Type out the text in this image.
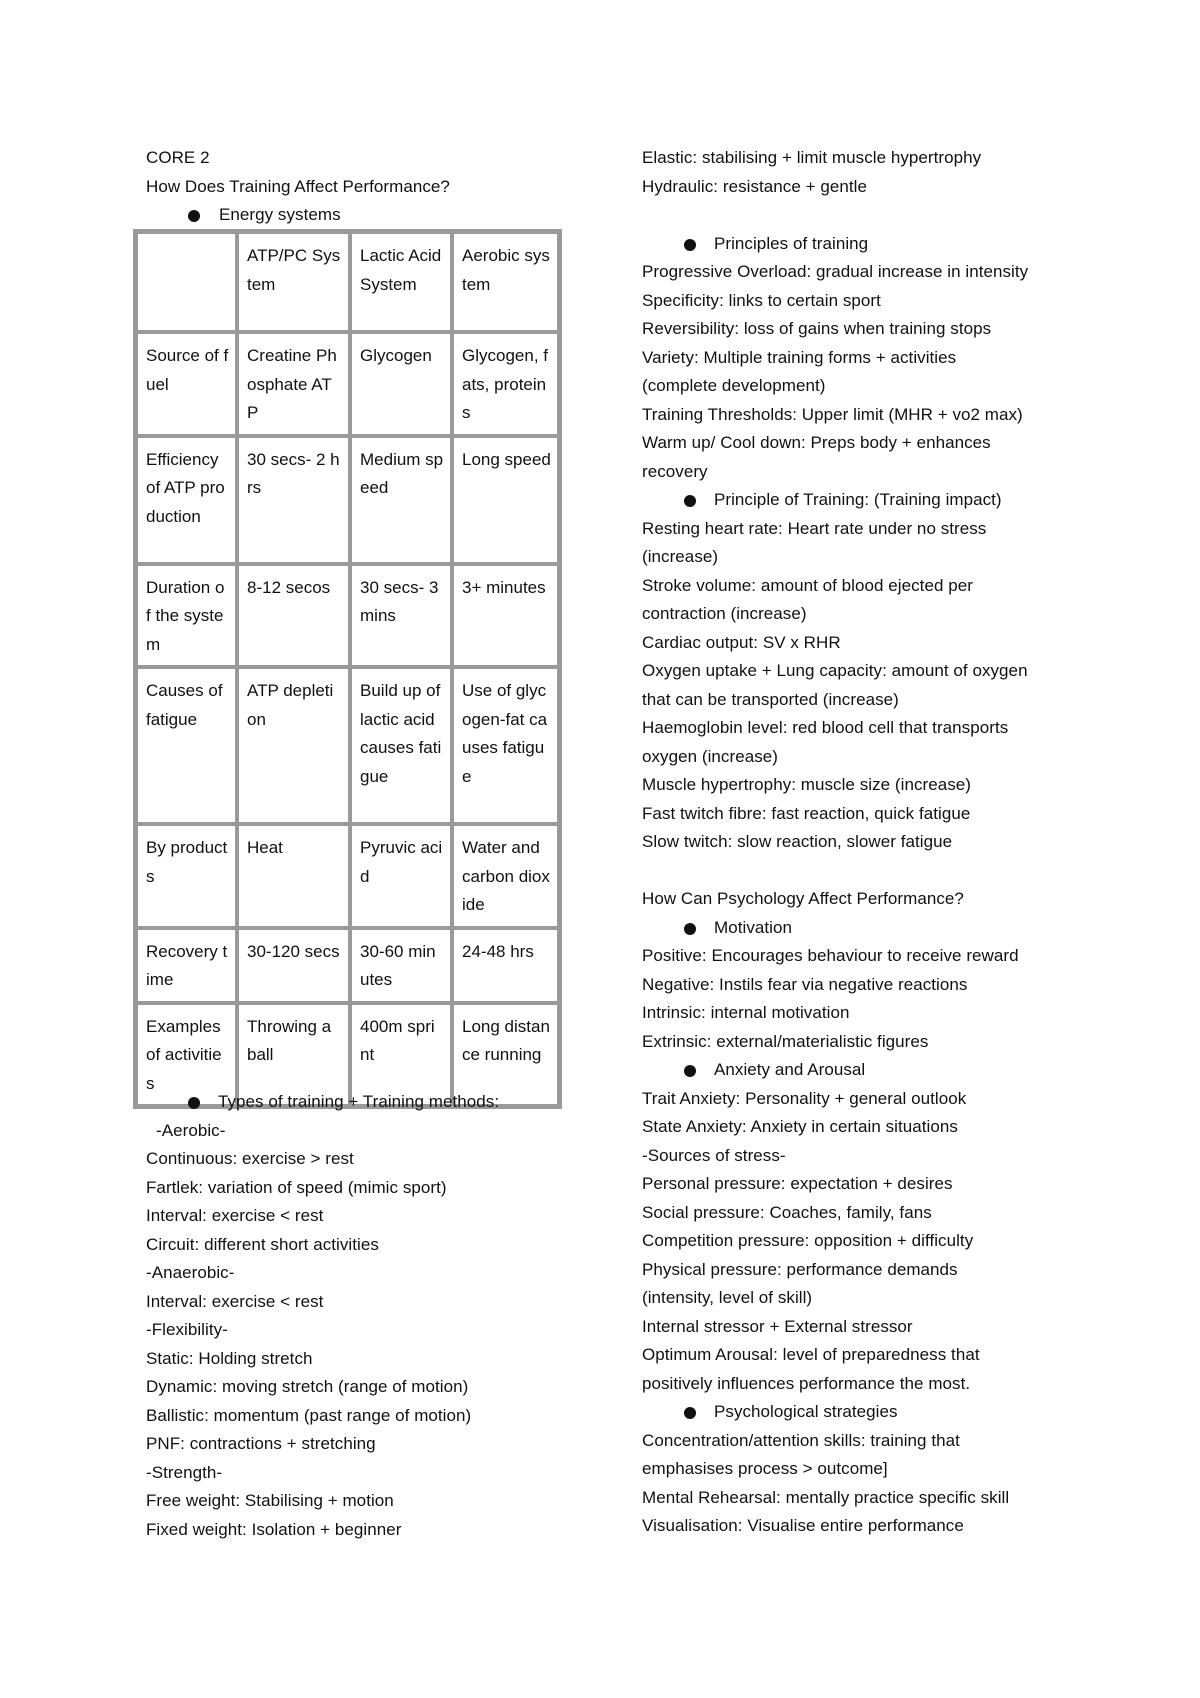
CORE 2
How Does Training Affect Performance?
Energy systems
	ATP/PC System	Lactic Acid System	Aerobic system
Source of fuel	Creatine Phosphate ATP	Glycogen	Glycogen, fats, proteins
Efficiency of ATP production	30 secs- 2 hrs	Medium speed	Long speed
Duration of the system	8-12 secos	30 secs- 3 mins	3+ minutes
Causes of fatigue	ATP depletion	Build up of lactic acid causes fatigue	Use of glycogen-fat causes fatigue
By products	Heat	Pyruvic acid	Water and carbon dioxide
Recovery time	30-120 secs	30-60 minutes	24-48 hrs
Examples of activities	Throwing a ball	400m sprint	Long distance running
Types of training + Training methods:
-Aerobic-
Continuous: exercise > rest
Fartlek: variation of speed (mimic sport)
Interval: exercise < rest
Circuit: different short activities
-Anaerobic-
Interval: exercise < rest
-Flexibility-
Static: Holding stretch
Dynamic: moving stretch (range of motion)
Ballistic: momentum (past range of motion)
PNF: contractions + stretching
-Strength-
Free weight: Stabilising + motion
Fixed weight: Isolation + beginner
Elastic: stabilising + limit muscle hypertrophy
Hydraulic: resistance + gentle
Principles of training
Progressive Overload: gradual increase in intensity
Specificity: links to certain sport
Reversibility: loss of gains when training stops
Variety: Multiple training forms + activities
(complete development)
Training Thresholds: Upper limit (MHR + vo2 max)
Warm up/ Cool down: Preps body + enhances
recovery
Principle of Training: (Training impact)
Resting heart rate: Heart rate under no stress
(increase)
Stroke volume: amount of blood ejected per
contraction (increase)
Cardiac output: SV x RHR
Oxygen uptake + Lung capacity: amount of oxygen
that can be transported (increase)
Haemoglobin level: red blood cell that transports
oxygen (increase)
Muscle hypertrophy: muscle size (increase)
Fast twitch fibre: fast reaction, quick fatigue
Slow twitch: slow reaction, slower fatigue
How Can Psychology Affect Performance?
Motivation
Positive: Encourages behaviour to receive reward
Negative: Instils fear via negative reactions
Intrinsic: internal motivation
Extrinsic: external/materialistic figures
Anxiety and Arousal
Trait Anxiety: Personality + general outlook
State Anxiety: Anxiety in certain situations
-Sources of stress-
Personal pressure: expectation + desires
Social pressure: Coaches, family, fans
Competition pressure: opposition + difficulty
Physical pressure: performance demands
(intensity, level of skill)
Internal stressor + External stressor
Optimum Arousal: level of preparedness that
positively influences performance the most.
Psychological strategies
Concentration/attention skills: training that
emphasises process > outcome]
Mental Rehearsal: mentally practice specific skill
Visualisation: Visualise entire performance
